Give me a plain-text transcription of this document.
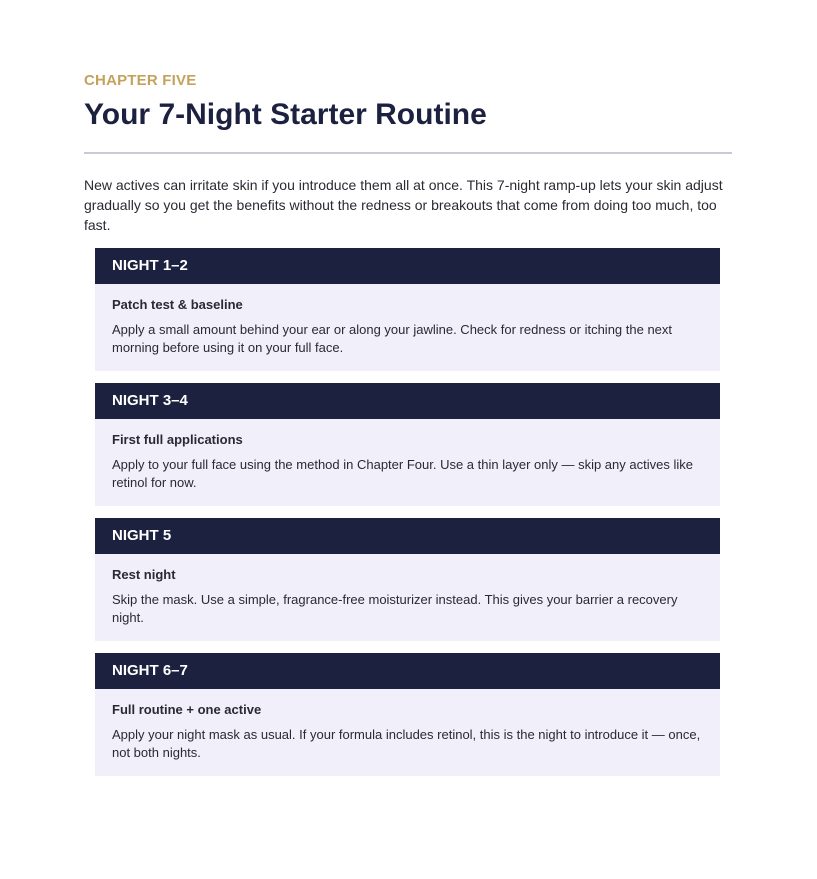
CHAPTER FIVE

Your 7-Night Starter Routine

New actives can irritate skin if you introduce them all at once. This 7-night ramp-up lets your skin adjust gradually so you get the benefits without the redness or breakouts that come from doing too much, too fast.

NIGHT 1–2

Patch test & baseline

Apply a small amount behind your ear or along your jawline. Check for redness or itching the next morning before using it on your full face.

NIGHT 3–4

First full applications

Apply to your full face using the method in Chapter Four. Use a thin layer only — skip any actives like retinol for now.

NIGHT 5

Rest night

Skip the mask. Use a simple, fragrance-free moisturizer instead. This gives your barrier a recovery night.

NIGHT 6–7

Full routine + one active

Apply your night mask as usual. If your formula includes retinol, this is the night to introduce it — once, not both nights.
